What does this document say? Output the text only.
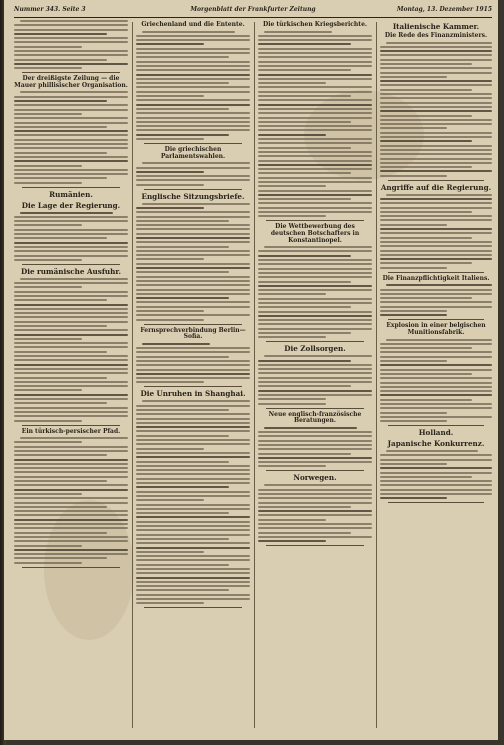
Nummer 343. Seite 3	Morgenblatt der Frankfurter Zeitung	Montag, 13. Dezember 1915
Der dreißigste Zeilung — die Mauer phillisischer Organisation.
Rumänien.
Die Lage der Regierung.
Die rumänische Ausfuhr.
Ein türkisch-persischer Pfad.
Griechenland und die Entente.
Die griechischen Parlamentswahlen.
Englische Sitzungsbriefe.
Fernsprechverbindung Berlin—Sofia.
Die Unruhen in Shanghai.
Die türkischen Kriegsberichte.
Die Wettbewerbung des deutschen Botschafters in Konstantinopel.
Die Zollsorgen.
Neue englisch-französische Beratungen.
Norwegen.
Italienische Kammer.
Die Rede des Finanzministers.
Angriffe auf die Regierung.
Die Finanzpflichtigkeit Italiens.
Explosion in einer belgischen Munitionsfabrik.
Holland.
Japanische Konkurrenz.
